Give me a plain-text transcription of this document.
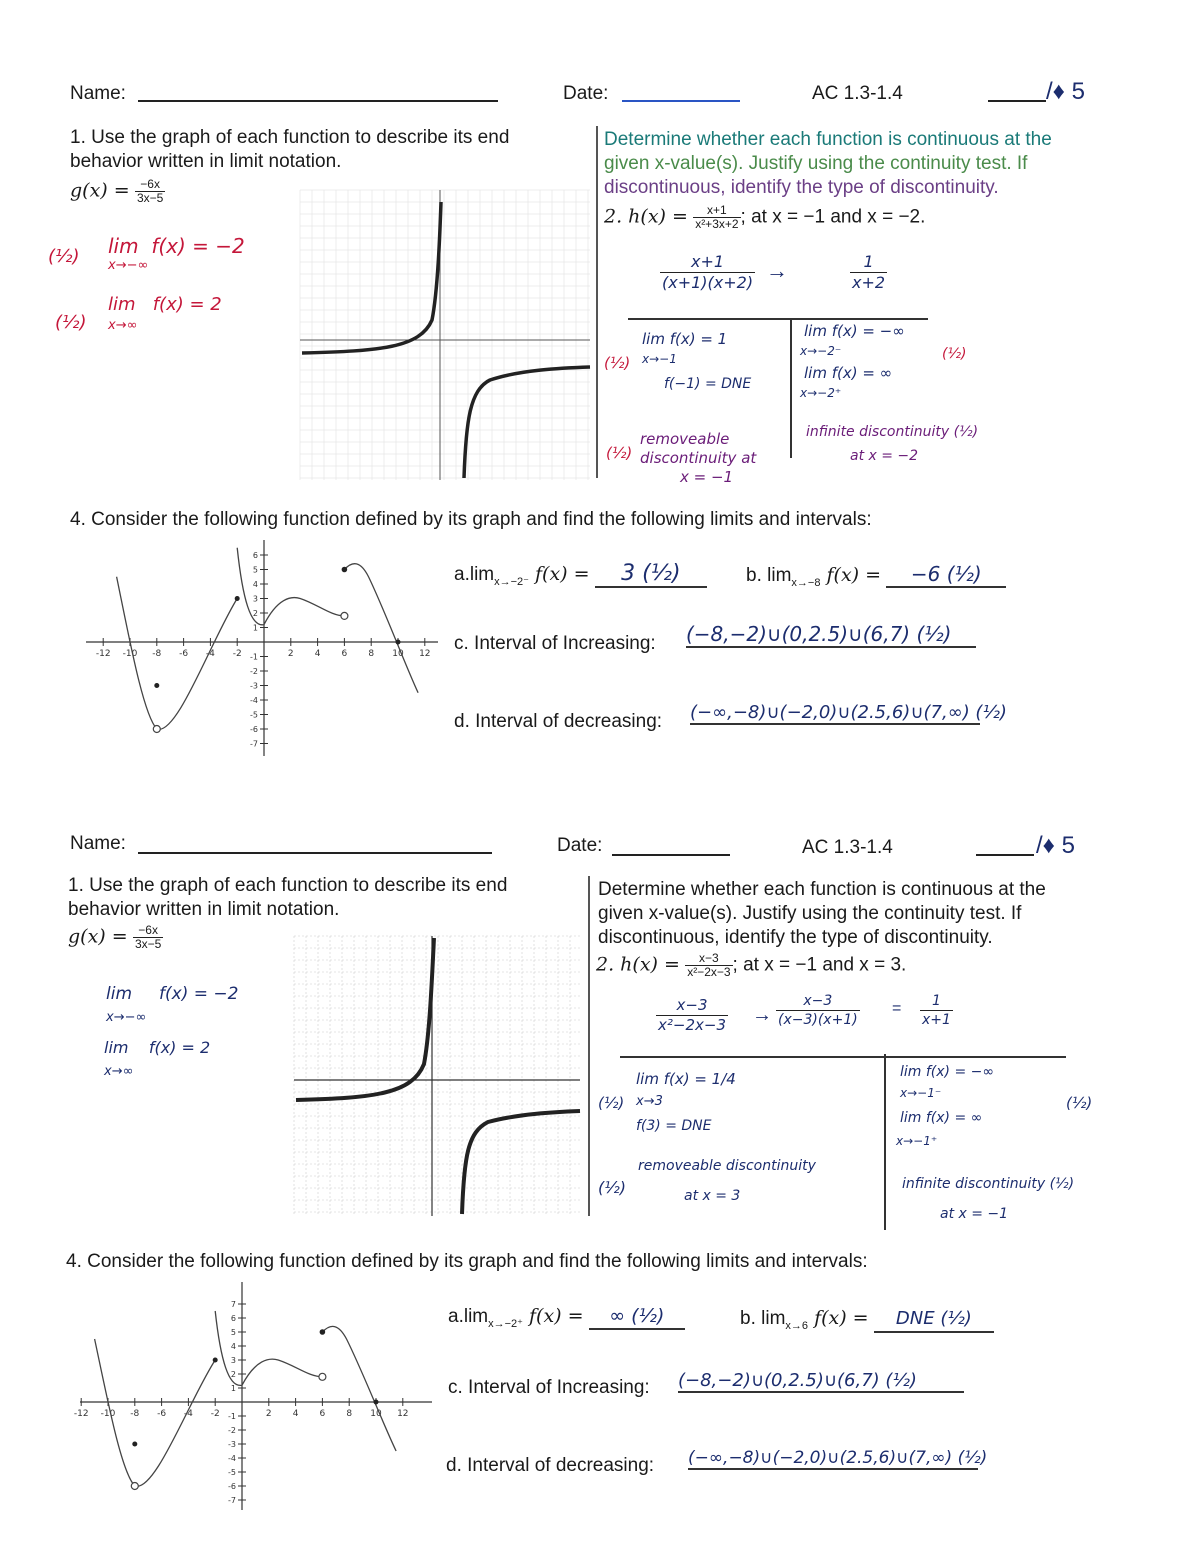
Name:	Date:	AC 1.3-1.4	/♦ 5
1. Use the graph of each function to describe its end
behavior written in limit notation.
$g(x) = \frac{-6x}{3x-5}$
(½) lim f(x) = −2
x→−∞
(½)
lim f(x) = 2
x→∞
Determine whether each function is continuous at the
given x-value(s). Justify using the continuity test. If
discontinuous, identify the type of discontinuity.
2. $h(x) = \frac{x+1}{\text{x²+3x+2}}$ ; at x = −1 and x = −2.
$\frac{x+1}{(x+1)(x+2)}$ →	$\frac{1}{x+2}$
lim f(x) = 1
(½) x→−1
f(−1) = DNE
(½)
removeable
discontinuity at
x = −1
lim f(x) = −∞
x→−2⁻
lim f(x) = ∞
x→−2⁺
(½)
infinite discontinuity (½)
at x = −2
4. Consider the following function defined by its graph and find the following limits and intervals:
-12 -10 -8 -6 -4 -2	2 4 6 8 10 12
6
5
4
3
2
1
-1
-2
-3
-4
-5
-6
-7
$a.\lim_{x\to-2^-}$ f(x) = 3 (½)	b. $\lim_{x\to-8} f(x) = -6$ (½)
c. Interval of Increasing: (−8,−2)∪(0,2.5)∪(6,7) (½)
d. Interval of decreasing: (−∞,−8)∪(−2,0)∪(2.5,6)∪(7,∞) (½)
Name:	Date:	AC 1.3-1.4	/♦ 5
1. Use the graph of each function to describe its end
behavior written in limit notation.
$g(x) = \frac{-6x}{3x-5}$
lim f(x) = −2
x→−∞
lim f(x) = 2
x→∞
Determine whether each function is continuous at the
given x-value(s). Justify using the continuity test. If
discontinuous, identify the type of discontinuity.
2. $h(x) = \frac{x-3}{\text{x²−2x−3}}$ ; at x = −1 and x = 3.
$\frac{x-3}{\text{x²−2x−3}} \to \frac{x-3}{(x-3)(x+1)} = \frac{1}{x+1}$
lim f(x) = 1/4
(½) x→3
f(3) = DNE
(½)
removeable discontinuity
at x = 3
lim f(x) = −∞
x→−1⁻
lim f(x) = ∞
x→−1⁺
(½)
infinite discontinuity (½)
at x = −1
4. Consider the following function defined by its graph and find the following limits and intervals:
-12 -10 -8 -6 -4 -2	2 4 6 8 10 12
7
6
5
4
3
2
1
-1
-2
-3
-4
-5
-6
-7
$a.\lim_{x\to-2^+}$ f(x) = ∞ (½)	b. $\lim_{x\to 6} f(x)$ = DNE (½)
c. Interval of Increasing: (−8,−2)∪(0,2.5)∪(6,7) (½)
d. Interval of decreasing: (−∞,−8)∪(−2,0)∪(2.5,6)∪(7,∞) (½)
